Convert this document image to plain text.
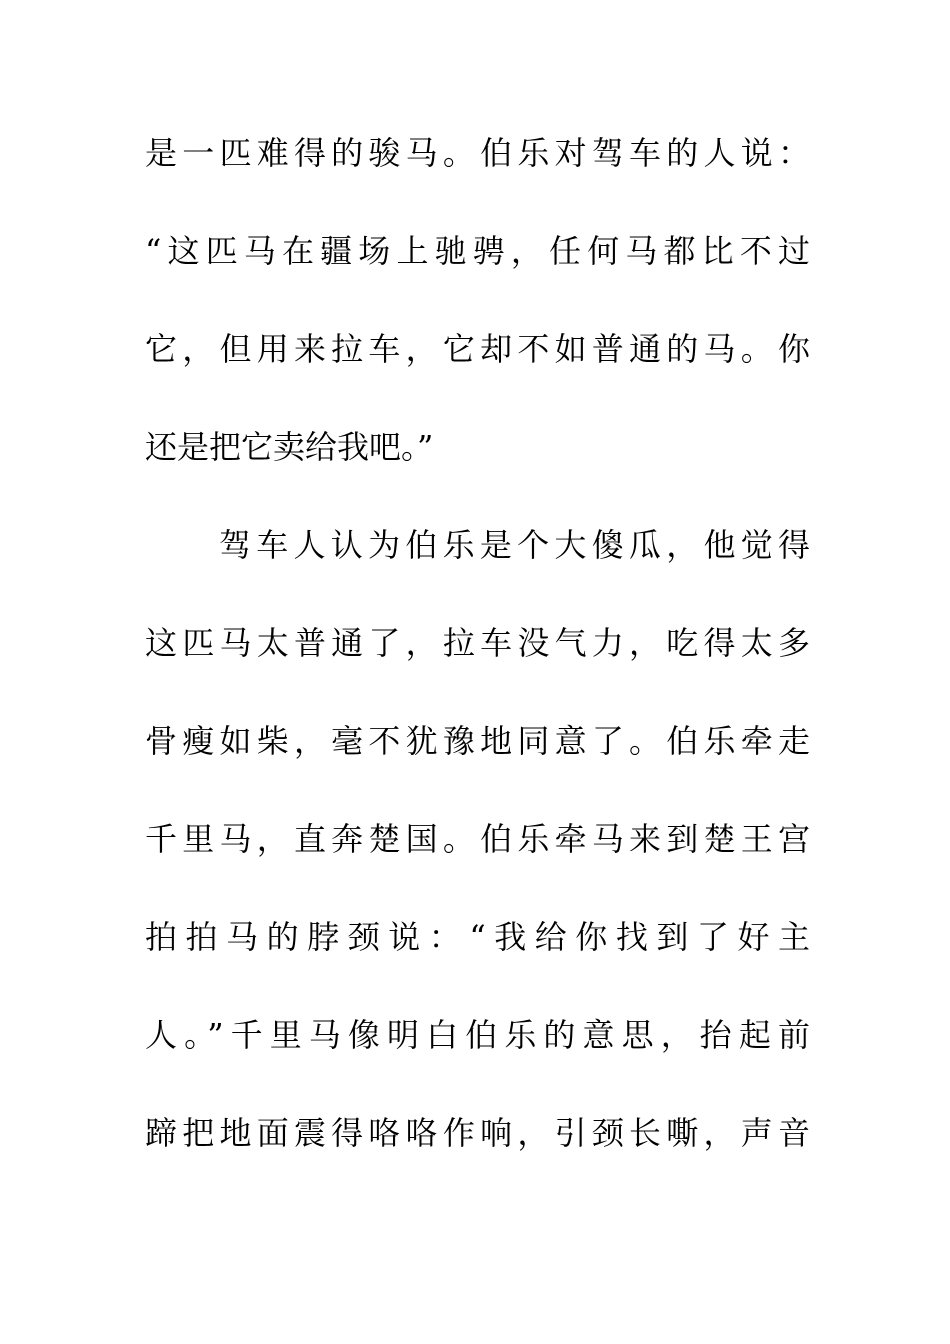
是一匹难得的骏马。伯乐对驾车的人说：
“这匹马在疆场上驰骋，任何马都比不过
它，但用来拉车，它却不如普通的马。你
还是把它卖给我吧。”
驾车人认为伯乐是个大傻瓜，他觉得
这匹马太普通了，拉车没气力，吃得太多
骨瘦如柴，毫不犹豫地同意了。伯乐牵走
千里马，直奔楚国。伯乐牵马来到楚王宫
拍拍马的脖颈说：“我给你找到了好主
人。”千里马像明白伯乐的意思，抬起前
蹄把地面震得咯咯作响，引颈长嘶，声音
